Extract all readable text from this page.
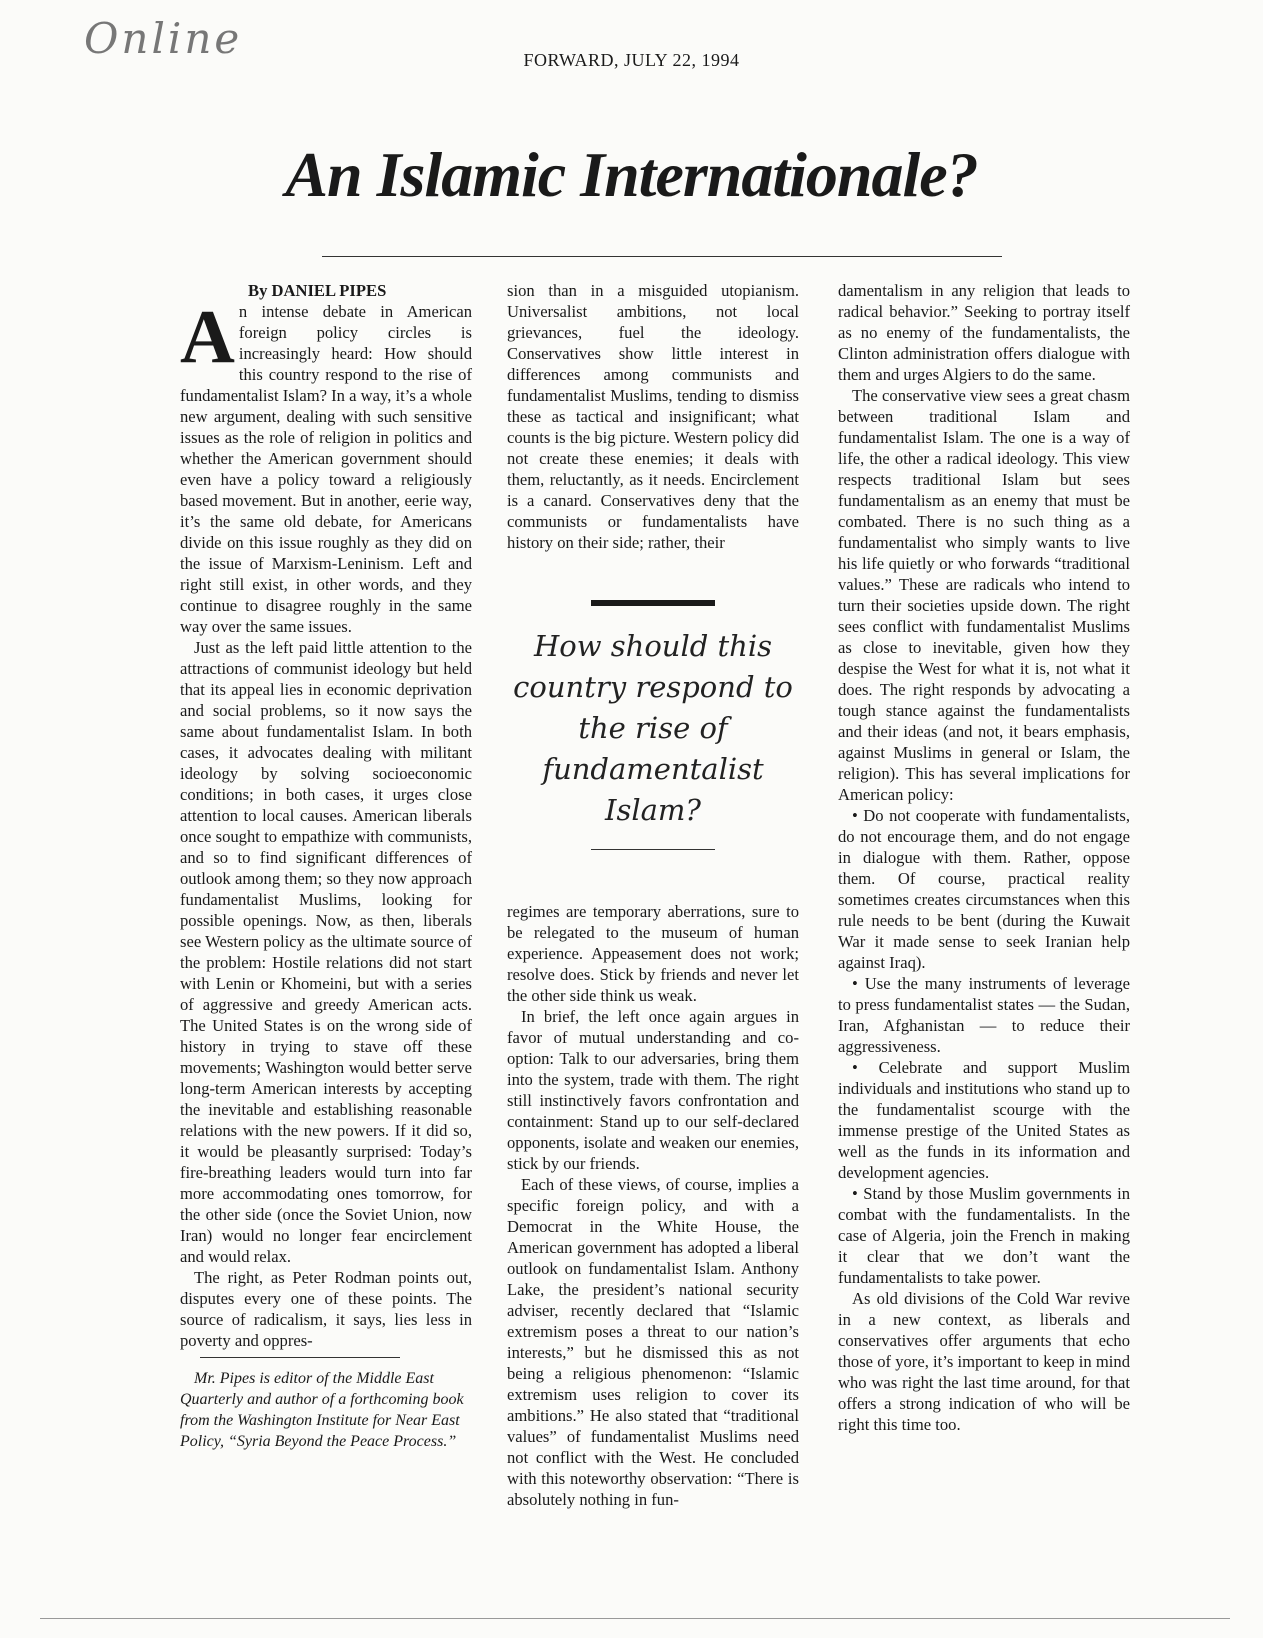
Online	FORWARD, JULY 22, 1994
An Islamic Internationale?
By DANIEL PIPES

An intense debate in American foreign policy circles is increasingly heard: How should this country respond to the rise of fundamentalist Islam? In a way, it’s a whole new argument, dealing with such sensitive issues as the role of religion in politics and whether the American government should even have a policy toward a religiously based movement. But in another, eerie way, it’s the same old debate, for Americans divide on this issue roughly as they did on the issue of Marxism-Leninism. Left and right still exist, in other words, and they continue to disagree roughly in the same way over the same issues.

Just as the left paid little attention to the attractions of communist ideology but held that its appeal lies in economic deprivation and social problems, so it now says the same about fundamentalist Islam. In both cases, it advocates dealing with militant ideology by solving socioeconomic conditions; in both cases, it urges close attention to local causes. American liberals once sought to empathize with communists, and so to find significant differences of outlook among them; so they now approach fundamentalist Muslims, looking for possible openings. Now, as then, liberals see Western policy as the ultimate source of the problem: Hostile relations did not start with Lenin or Khomeini, but with a series of aggressive and greedy American acts. The United States is on the wrong side of history in trying to stave off these movements; Washington would better serve long-term American interests by accepting the inevitable and establishing reasonable relations with the new powers. If it did so, it would be pleasantly surprised: Today’s fire-breathing leaders would turn into far more accommodating ones tomorrow, for the other side (once the Soviet Union, now Iran) would no longer fear encirclement and would relax.

The right, as Peter Rodman points out, disputes every one of these points. The source of radicalism, it says, lies less in poverty and oppres-

Mr. Pipes is editor of the Middle East Quarterly and author of a forthcoming book from the Washington Institute for Near East Policy, “Syria Beyond the Peace Process.”

sion than in a misguided utopianism. Universalist ambitions, not local grievances, fuel the ideology. Conservatives show little interest in differences among communists and fundamentalist Muslims, tending to dismiss these as tactical and insignificant; what counts is the big picture. Western policy did not create these enemies; it deals with them, reluctantly, as it needs. Encirclement is a canard. Conservatives deny that the communists or fundamentalists have history on their side; rather, their

How should this country respond to the rise of fundamentalist Islam?

regimes are temporary aberrations, sure to be relegated to the museum of human experience. Appeasement does not work; resolve does. Stick by friends and never let the other side think us weak.

In brief, the left once again argues in favor of mutual understanding and co-option: Talk to our adversaries, bring them into the system, trade with them. The right still instinctively favors confrontation and containment: Stand up to our self-declared opponents, isolate and weaken our enemies, stick by our friends.

Each of these views, of course, implies a specific foreign policy, and with a Democrat in the White House, the American government has adopted a liberal outlook on fundamentalist Islam. Anthony Lake, the president’s national security adviser, recently declared that “Islamic extremism poses a threat to our nation’s interests,” but he dismissed this as not being a religious phenomenon: “Islamic extremism uses religion to cover its ambitions.” He also stated that “traditional values” of fundamentalist Muslims need not conflict with the West. He concluded with this noteworthy observation: “There is absolutely nothing in fun-

damentalism in any religion that leads to radical behavior.” Seeking to portray itself as no enemy of the fundamentalists, the Clinton administration offers dialogue with them and urges Algiers to do the same.

The conservative view sees a great chasm between traditional Islam and fundamentalist Islam. The one is a way of life, the other a radical ideology. This view respects traditional Islam but sees fundamentalism as an enemy that must be combated. There is no such thing as a fundamentalist who simply wants to live his life quietly or who forwards “traditional values.” These are radicals who intend to turn their societies upside down. The right sees conflict with fundamentalist Muslims as close to inevitable, given how they despise the West for what it is, not what it does. The right responds by advocating a tough stance against the fundamentalists and their ideas (and not, it bears emphasis, against Muslims in general or Islam, the religion). This has several implications for American policy:

• Do not cooperate with fundamentalists, do not encourage them, and do not engage in dialogue with them. Rather, oppose them. Of course, practical reality sometimes creates circumstances when this rule needs to be bent (during the Kuwait War it made sense to seek Iranian help against Iraq).

• Use the many instruments of leverage to press fundamentalist states — the Sudan, Iran, Afghanistan — to reduce their aggressiveness.

• Celebrate and support Muslim individuals and institutions who stand up to the fundamentalist scourge with the immense prestige of the United States as well as the funds in its information and development agencies.

• Stand by those Muslim governments in combat with the fundamentalists. In the case of Algeria, join the French in making it clear that we don’t want the fundamentalists to take power.

As old divisions of the Cold War revive in a new context, as liberals and conservatives offer arguments that echo those of yore, it’s important to keep in mind who was right the last time around, for that offers a strong indication of who will be right this time too.
